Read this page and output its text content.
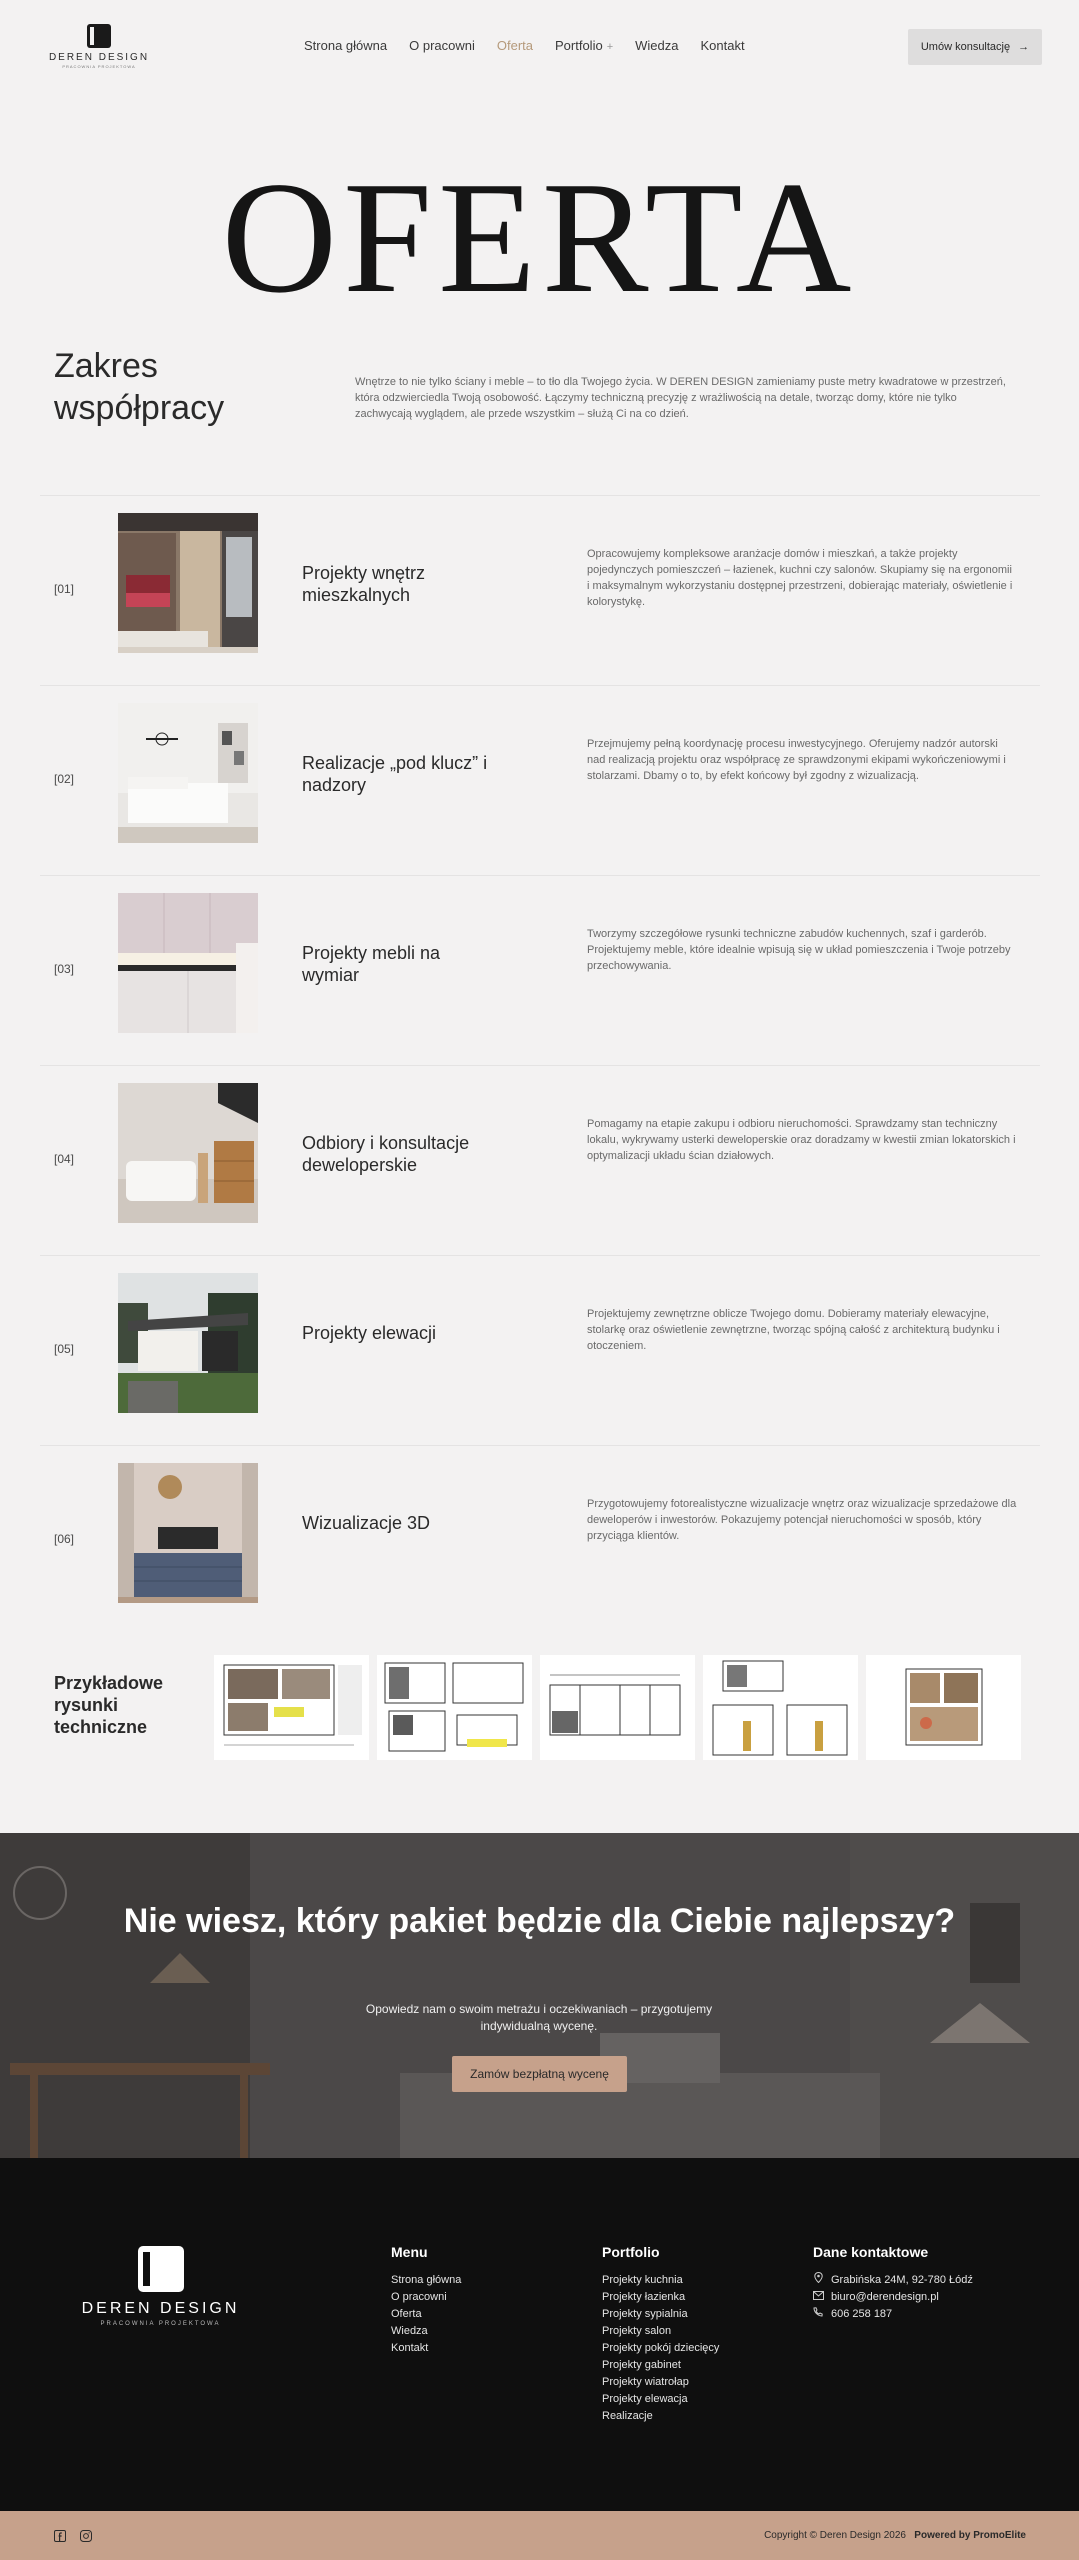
DEREN DESIGN
PRACOWNIA PROJEKTOWA
Strona główna O pracowni Oferta Portfolio + Wiedza Kontakt	Umów konsultację →
OFERTA
Zakres współpracy

Wnętrze to nie tylko ściany i meble – to tło dla Twojego życia. W DEREN DESIGN zamieniamy puste metry kwadratowe w przestrzeń, która odzwierciedla Twoją osobowość. Łączymy techniczną precyzję z wrażliwością na detale, tworząc domy, które nie tylko zachwycają wyglądem, ale przede wszystkim – służą Ci na co dzień.

[01]
Projekty wnętrz mieszkalnych

Opracowujemy kompleksowe aranżacje domów i mieszkań, a także projekty pojedynczych pomieszczeń – łazienek, kuchni czy salonów. Skupiamy się na ergonomii i maksymalnym wykorzystaniu dostępnej przestrzeni, dobierając materiały, oświetlenie i kolorystykę.

[02]
Realizacje „pod klucz” i nadzory

Przejmujemy pełną koordynację procesu inwestycyjnego. Oferujemy nadzór autorski nad realizacją projektu oraz współpracę ze sprawdzonymi ekipami wykończeniowymi i stolarzami. Dbamy o to, by efekt końcowy był zgodny z wizualizacją.

[03]
Projekty mebli na wymiar

Tworzymy szczegółowe rysunki techniczne zabudów kuchennych, szaf i garderób. Projektujemy meble, które idealnie wpisują się w układ pomieszczenia i Twoje potrzeby przechowywania.

[04]
Odbiory i konsultacje deweloperskie

Pomagamy na etapie zakupu i odbioru nieruchomości. Sprawdzamy stan techniczny lokalu, wykrywamy usterki deweloperskie oraz doradzamy w kwestii zmian lokatorskich i optymalizacji układu ścian działowych.

[05]
Projekty elewacji

Projektujemy zewnętrzne oblicze Twojego domu. Dobieramy materiały elewacyjne, stolarkę oraz oświetlenie zewnętrzne, tworząc spójną całość z architekturą budynku i otoczeniem.

[06]
Wizualizacje 3D

Przygotowujemy fotorealistyczne wizualizacje wnętrz oraz wizualizacje sprzedażowe dla deweloperów i inwestorów. Pokazujemy potencjał nieruchomości w sposób, który przyciąga klientów.

Przykładowe rysunki techniczne
Nie wiesz, który pakiet będzie dla Ciebie najlepszy?

Opowiedz nam o swoim metrażu i oczekiwaniach – przygotujemy indywidualną wycenę.

Zamów bezpłatną wycenę
DEREN DESIGN
PRACOWNIA PROJEKTOWA
Menu
Strona główna
O pracowni
Oferta
Wiedza
Kontakt
Portfolio
Projekty kuchnia
Projekty łazienka
Projekty sypialnia
Projekty salon
Projekty pokój dziecięcy
Projekty gabinet
Projekty wiatrołap
Projekty elewacja
Realizacje
Dane kontaktowe
Grabińska 24M, 92-780 Łódź
biuro@derendesign.pl
606 258 187
Copyright © Deren Design 2026 Powered by PromoElite
